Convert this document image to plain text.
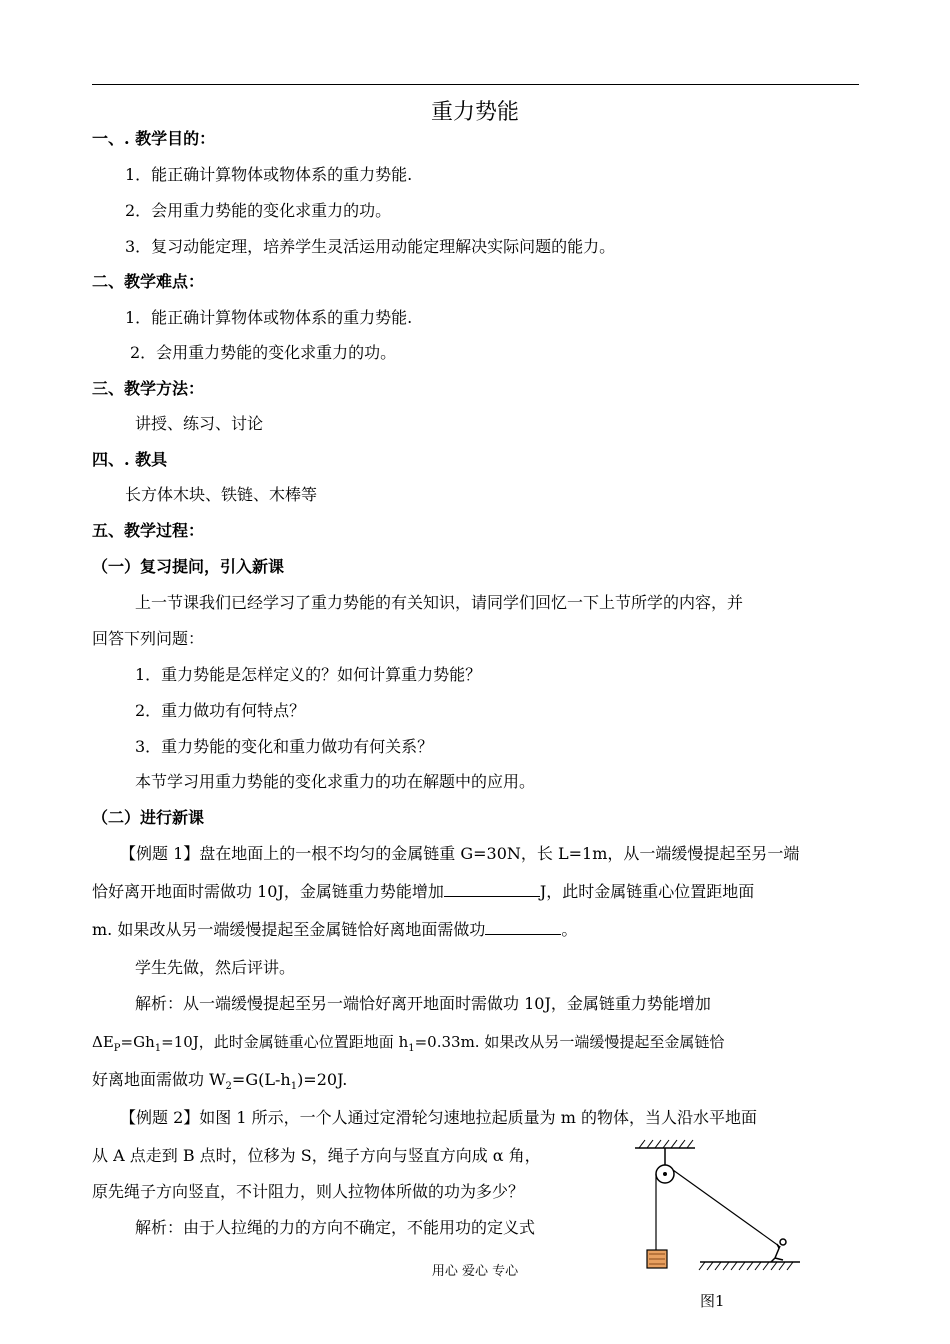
重力势能
一、. 教学目的：
1．能正确计算物体或物体系的重力势能.
2．会用重力势能的变化求重力的功。
3．复习动能定理，培养学生灵活运用动能定理解决实际问题的能力。
二、教学难点：
1．能正确计算物体或物体系的重力势能.
2．会用重力势能的变化求重力的功。
三、教学方法：
讲授、练习、讨论
四、. 教具
长方体木块、铁链、木棒等
五、教学过程：
（一）复习提问，引入新课
上一节课我们已经学习了重力势能的有关知识，请同学们回忆一下上节所学的内容，并
回答下列问题：
1．重力势能是怎样定义的？如何计算重力势能？
2．重力做功有何特点？
3．重力势能的变化和重力做功有何关系？
本节学习用重力势能的变化求重力的功在解题中的应用。
（二）进行新课
【例题 1】盘在地面上的一根不均匀的金属链重 G=30N，长 L=1m，从一端缓慢提起至另一端
恰好离开地面时需做功 10J，金属链重力势能增加	J，此时金属链重心位置距地面
m. 如果改从另一端缓慢提起至金属链恰好离地面需做功	。
学生先做，然后评讲。
解析：从一端缓慢提起至另一端恰好离开地面时需做功 10J，金属链重力势能增加
$\Delta E_P=Gh_1=10J$，此时金属链重心位置距地面 $h_1=0.33m$. 如果改从另一端缓慢提起至金属链恰
好离地面需做功 $W_2=G(L-h_1)=20J$.
【例题 2】如图 1 所示，一个人通过定滑轮匀速地拉起质量为 m 的物体，当人沿水平地面
从 A 点走到 B 点时，位移为 S，绳子方向与竖直方向成 α 角，
原先绳子方向竖直，不计阻力，则人拉物体所做的功为多少？
解析：由于人拉绳的力的方向不确定，不能用功的定义式
用心 爱心 专心
图1
